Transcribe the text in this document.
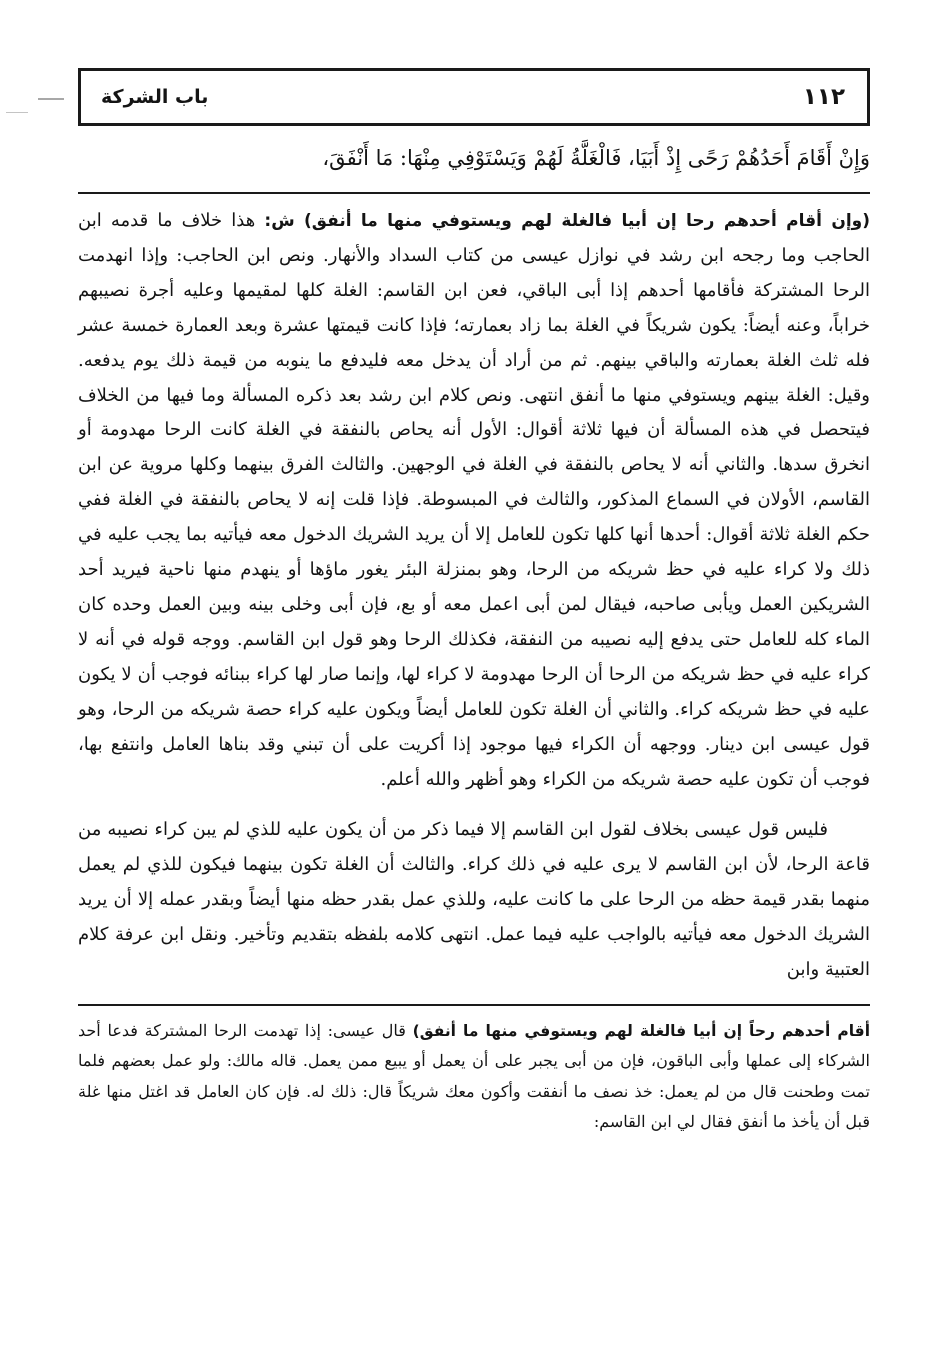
١١٢
باب الشركة
وَإِنْ أَقَامَ أَحَدُهُمْ رَحًى إِذْ أَبَيَا، فَالْغَلَّةُ لَهُمْ وَيَسْتَوْفِي مِنْهَا: مَا أَنْفَقَ،

(وإن أقام أحدهم رحا إن أبيا فالغلة لهم ويستوفي منها ما أنفق) ش: هذا خلاف ما قدمه ابن الحاجب وما رجحه ابن رشد في نوازل عيسى من كتاب السداد والأنهار. ونص ابن الحاجب: وإذا انهدمت الرحا المشتركة فأقامها أحدهم إذا أبى الباقي، فعن ابن القاسم: الغلة كلها لمقيمها وعليه أجرة نصيبهم خراباً، وعنه أيضاً: يكون شريكاً في الغلة بما زاد بعمارته؛ فإذا كانت قيمتها عشرة وبعد العمارة خمسة عشر فله ثلث الغلة بعمارته والباقي بينهم. ثم من أراد أن يدخل معه فليدفع ما ينوبه من قيمة ذلك يوم يدفعه. وقيل: الغلة بينهم ويستوفي منها ما أنفق انتهى. ونص كلام ابن رشد بعد ذكره المسألة وما فيها من الخلاف فيتحصل في هذه المسألة أن فيها ثلاثة أقوال: الأول أنه يحاص بالنفقة في الغلة كانت الرحا مهدومة أو انخرق سدها. والثاني أنه لا يحاص بالنفقة في الغلة في الوجهين. والثالث الفرق بينهما وكلها مروية عن ابن القاسم، الأولان في السماع المذكور، والثالث في المبسوطة. فإذا قلت إنه لا يحاص بالنفقة في الغلة ففي حكم الغلة ثلاثة أقوال: أحدها أنها كلها تكون للعامل إلا أن يريد الشريك الدخول معه فيأتيه بما يجب عليه في ذلك ولا كراء عليه في حظ شريكه من الرحا، وهو بمنزلة البئر يغور ماؤها أو ينهدم منها ناحية فيريد أحد الشريكين العمل ويأبى صاحبه، فيقال لمن أبى اعمل معه أو بع، فإن أبى وخلى بينه وبين العمل وحده كان الماء كله للعامل حتى يدفع إليه نصيبه من النفقة، فكذلك الرحا وهو قول ابن القاسم. ووجه قوله في أنه لا كراء عليه في حظ شريكه من الرحا أن الرحا مهدومة لا كراء لها، وإنما صار لها كراء ببنائه فوجب أن لا يكون عليه في حظ شريكه كراء. والثاني أن الغلة تكون للعامل أيضاً ويكون عليه كراء حصة شريكه من الرحا، وهو قول عيسى ابن دينار. ووجهه أن الكراء فيها موجود إذا أكريت على أن تبني وقد بناها العامل وانتفع بها، فوجب أن تكون عليه حصة شريكه من الكراء وهو أظهر والله أعلم.

فليس قول عيسى بخلاف لقول ابن القاسم إلا فيما ذكر من أن يكون عليه للذي لم يبن كراء نصيبه من قاعة الرحا، لأن ابن القاسم لا يرى عليه في ذلك كراء. والثالث أن الغلة تكون بينهما فيكون للذي لم يعمل منهما بقدر قيمة حظه من الرحا على ما كانت عليه، وللذي عمل بقدر حظه منها أيضاً وبقدر عمله إلا أن يريد الشريك الدخول معه فيأتيه بالواجب عليه فيما عمل. انتهى كلامه بلفظه بتقديم وتأخير. ونقل ابن عرفة كلام العتبية وابن

أقام أحدهم رحاً إن أبيا فالغلة لهم ويستوفي منها ما أنفق) قال عيسى: إذا تهدمت الرحا المشتركة فدعا أحد الشركاء إلى عملها وأبى الباقون، فإن من أبى يجبر على أن يعمل أو يبيع ممن يعمل. قاله مالك: ولو عمل بعضهم فلما تمت وطحنت قال من لم يعمل: خذ نصف ما أنفقت وأكون معك شريكاً قال: ذلك له. فإن كان العامل قد اغتل منها غلة قبل أن يأخذ ما أنفق فقال لي ابن القاسم:
